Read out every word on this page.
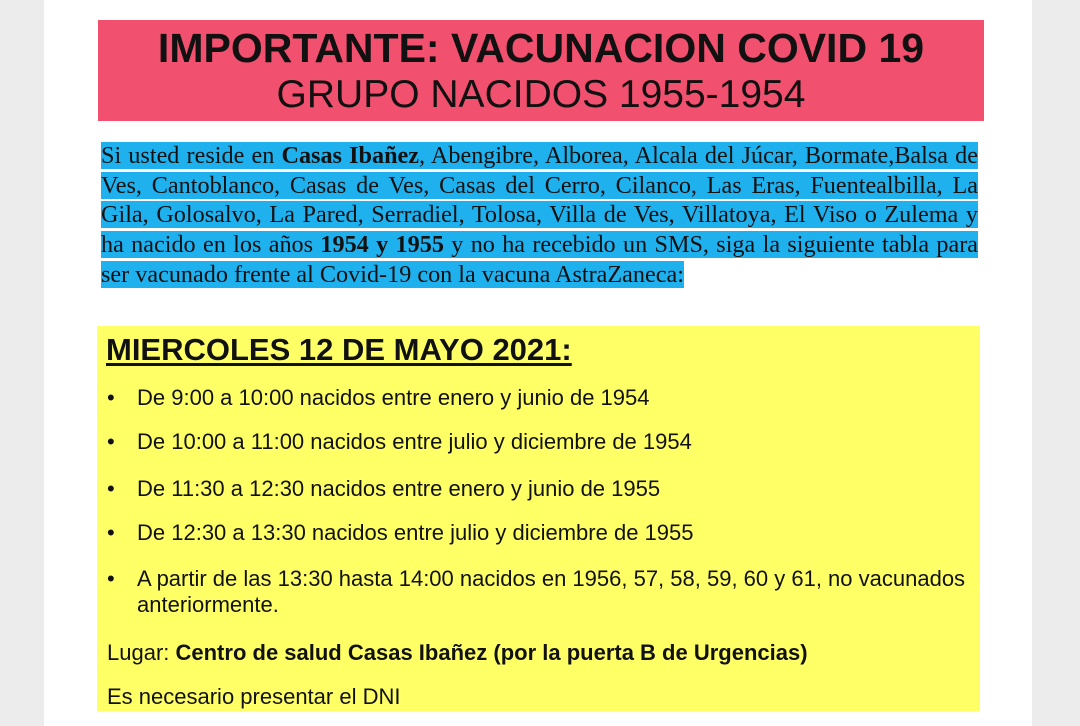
IMPORTANTE: VACUNACION COVID 19
GRUPO NACIDOS 1955-1954
Si usted reside en Casas Ibañez, Abengibre, Alborea, Alcala del Júcar, Bormate,Balsa de Ves, Cantoblanco, Casas de Ves, Casas del Cerro, Cilanco, Las Eras, Fuentealbilla, La Gila, Golosalvo, La Pared, Serradiel, Tolosa, Villa de Ves, Villatoya, El Viso o Zulema y ha nacido en los años 1954 y 1955 y no ha recebido un SMS, siga la siguiente tabla para ser vacunado frente al Covid-19 con la vacuna AstraZaneca:
MIERCOLES 12 DE MAYO 2021:
• De 9:00 a 10:00 nacidos entre enero y junio de 1954
• De 10:00 a 11:00 nacidos entre julio y diciembre de 1954
• De 11:30 a 12:30 nacidos entre enero y junio de 1955
• De 12:30 a 13:30 nacidos entre julio y diciembre de 1955
• A partir de las 13:30 hasta 14:00 nacidos en 1956, 57, 58, 59, 60 y 61, no vacunados anteriormente.
Lugar: Centro de salud Casas Ibañez (por la puerta B de Urgencias)
Es necesario presentar el DNI
